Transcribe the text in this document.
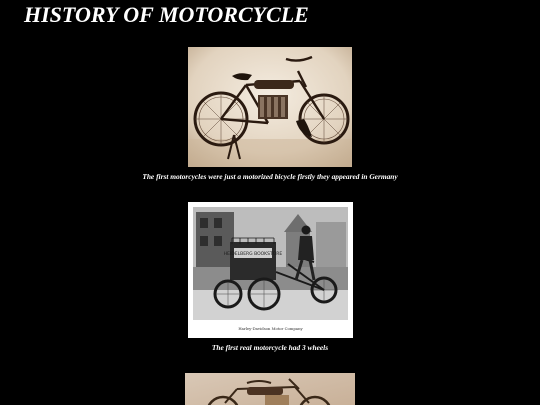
HISTORY OF MOTORCYCLE
The first motorcycles were just a motorized bicycle firstly they appeared in Germany
HEIDELBERG BOOKSTORE
Harley-Davidson Motor Company
The first real motorcycle had 3 wheels
